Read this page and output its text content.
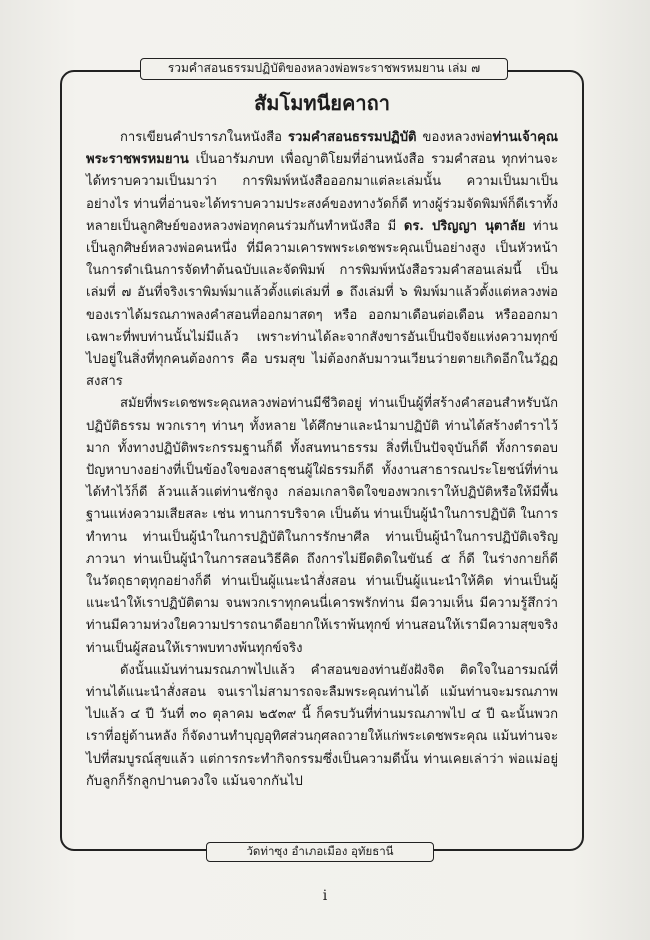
รวมคำสอนธรรมปฏิบัติของหลวงพ่อพระราชพรหมยาน เล่ม ๗
สัมโมทนียคาถา

การเขียนคำปรารภในหนังสือ รวมคำสอนธรรมปฏิบัติ ของหลวงพ่อท่านเจ้าคุณพระราชพรหมยาน เป็นอารัมภบท เพื่อญาติโยมที่อ่านหนังสือ รวมคำสอน ทุกท่านจะได้ทราบความเป็นมาว่า การพิมพ์หนังสือออกมาแต่ละเล่มนั้น ความเป็นมาเป็นอย่างไร ท่านที่อ่านจะได้ทราบความประสงค์ของทางวัดก็ดี ทางผู้ร่วมจัดพิมพ์ก็ดีเราทั้งหลายเป็นลูกศิษย์ของหลวงพ่อทุกคนร่วมกันทำหนังสือ มี ดร. ปริญญา นุตาลัย ท่านเป็นลูกศิษย์หลวงพ่อคนหนึ่ง ที่มีความเคารพพระเดชพระคุณเป็นอย่างสูง เป็นหัวหน้าในการดำเนินการจัดทำต้นฉบับและจัดพิมพ์ การพิมพ์หนังสือรวมคำสอนเล่มนี้ เป็นเล่มที่ ๗ อันที่จริงเราพิมพ์มาแล้วตั้งแต่เล่มที่ ๑ ถึงเล่มที่ ๖ พิมพ์มาแล้วตั้งแต่หลวงพ่อของเราได้มรณภาพลงคำสอนที่ออกมาสดๆ หรือ ออกมาเดือนต่อเดือน หรือออกมาเฉพาะที่พบท่านนั้นไม่มีแล้ว เพราะท่านได้ละจากสังขารอันเป็นปัจจัยแห่งความทุกข์ไปอยู่ในสิ่งที่ทุกคนต้องการ คือ บรมสุข ไม่ต้องกลับมาวนเวียนว่ายตายเกิดอีกในวัฏฏสงสาร

สมัยที่พระเดชพระคุณหลวงพ่อท่านมีชีวิตอยู่ ท่านเป็นผู้ที่สร้างคำสอนสำหรับนักปฏิบัติธรรม พวกเราๆ ท่านๆ ทั้งหลาย ได้ศึกษาและนำมาปฏิบัติ ท่านได้สร้างตำราไว้มาก ทั้งทางปฏิบัติพระกรรมฐานก็ดี ทั้งสนทนาธรรม สิ่งที่เป็นปัจจุบันก็ดี ทั้งการตอบปัญหาบางอย่างที่เป็นข้องใจของสาธุชนผู้ใฝ่ธรรมก็ดี ทั้งงานสาธารณประโยชน์ที่ท่านได้ทำไว้ก็ดี ล้วนแล้วแต่ท่านชักจูง กล่อมเกลาจิตใจของพวกเราให้ปฏิบัติหรือให้มีพื้นฐานแห่งความเสียสละ เช่น ทานการบริจาค เป็นต้น ท่านเป็นผู้นำในการปฏิบัติ ในการทำทาน ท่านเป็นผู้นำในการปฏิบัติในการรักษาศีล ท่านเป็นผู้นำในการปฏิบัติเจริญภาวนา ท่านเป็นผู้นำในการสอนวิธีคิด ถึงการไม่ยึดติดในขันธ์ ๕ ก็ดี ในร่างกายก็ดี ในวัตถุธาตุทุกอย่างก็ดี ท่านเป็นผู้แนะนำสั่งสอน ท่านเป็นผู้แนะนำให้คิด ท่านเป็นผู้แนะนำให้เราปฏิบัติตาม จนพวกเราทุกคนนี่เคารพรักท่าน มีความเห็น มีความรู้สึกว่าท่านมีความห่วงใยความปรารถนาดีอยากให้เราพ้นทุกข์ ท่านสอนให้เรามีความสุขจริงท่านเป็นผู้สอนให้เราพบทางพ้นทุกข์จริง

ดังนั้นแม้นท่านมรณภาพไปแล้ว คำสอนของท่านยังฝังจิต ติดใจในอารมณ์ที่ท่านได้แนะนำสั่งสอน จนเราไม่สามารถจะลืมพระคุณท่านได้ แม้นท่านจะมรณภาพไปแล้ว ๔ ปี วันที่ ๓๐ ตุลาคม ๒๕๓๙ นี้ ก็ครบวันที่ท่านมรณภาพไป ๔ ปี ฉะนั้นพวกเราที่อยู่ด้านหลัง ก็จัดงานทำบุญอุทิศส่วนกุศลถวายให้แก่พระเดชพระคุณ แม้นท่านจะไปที่สมบูรณ์สุขแล้ว แต่การกระทำกิจกรรมซึ่งเป็นความดีนั้น ท่านเคยเล่าว่า พ่อแม่อยู่กับลูกก็รักลูกปานดวงใจ แม้นจากกันไป

วัดท่าซุง อำเภอเมือง อุทัยธานี
i
